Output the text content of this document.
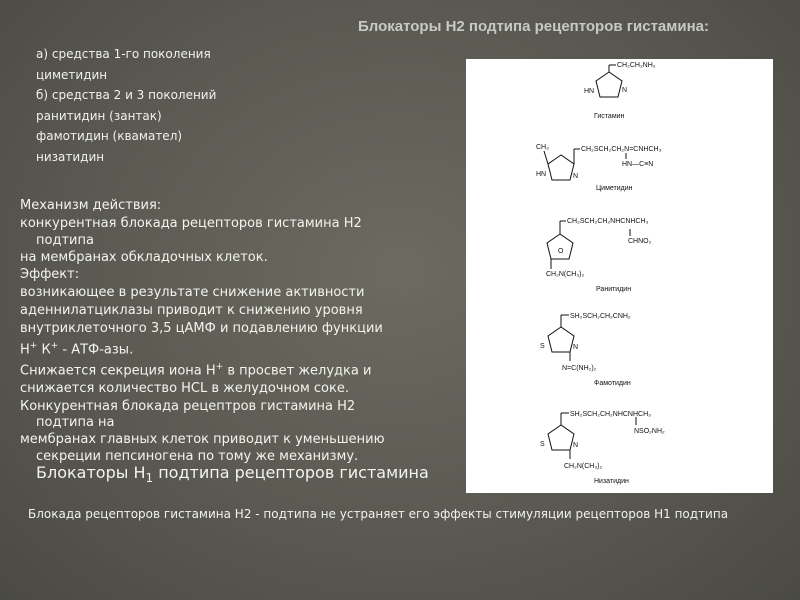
Блокаторы Н2 подтипа рецепторов гистамина:
а) средства 1-го поколения
циметидин
б) средства 2 и 3 поколений
ранитидин (зантак)
фамотидин (квамател)
низатидин
Механизм действия:
конкурентная блокада рецепторов гистамина Н2
подтипа
на мембранах обкладочных клеток.
Эффект:
возникающее в результате снижение активности
аденнилатциклазы приводит к снижению уровня
внутриклеточного 3,5 цАМФ и подавлению функции
Н+ К+ - АТФ-азы.
Снижается секреция иона Н+ в просвет желудка и
снижается количество HCL в желудочном соке.
Конкурентная блокада рецептров гистамина Н2
подтипа на
мембранах главных клеток приводит к уменьшению
секреции пепсиногена по тому же механизму.
Блокаторы $Н_1$ подтипа рецепторов гистамина
Блокада рецепторов гистамина Н2 - подтипа не устраняет его эффекты стимуляции рецепторов Н1 подтипа
CH₂CH₂NH₂
HN	N
Гистамин
CH₃	CH₂SCH₂CH₂N=CNHCH₃
HN—C≡N
HN	N
Циметидин
CH₂SCH₂CH₂NHCNHCH₃
CHNO₂
O
CH₂N(CH₃)₂
Ранитидин
SH₂SCH₂CH₂CNH₂
S	N
N=C(NH₂)₂
Фамотидин
SH₂SCH₂CH₂NHCNHCH₃
NSO₂NH₂
S	N
CH₂N(CH₃)₂
Низатидин
